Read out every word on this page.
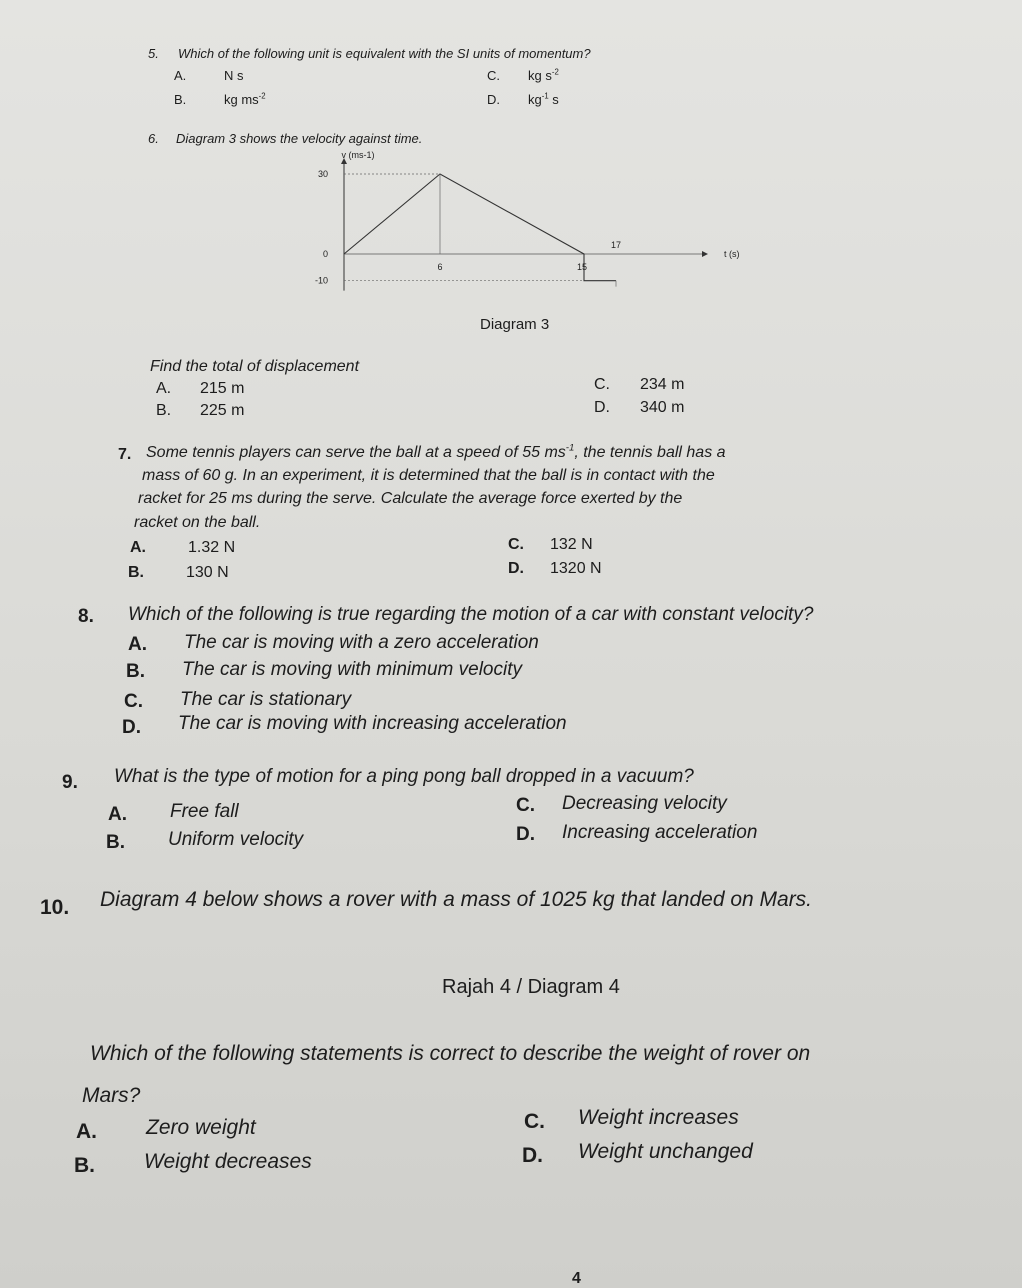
5. Which of the following unit is equivalent with the SI units of momentum?
A.	N s
B.	kg $ms^{-2}$
C. kg $s^{-2}$
D. $kg^{-1}$ s
6. Diagram 3 shows the velocity against time.
v (ms-1)
t (s)
30
0
-10
6	15
17
Diagram 3
Find the total of displacement
A. 215 m
B. 225 m
C. 234 m
D. 340 m
7. Some tennis players can serve the ball at a speed of 55 $ms^{-1}$, the tennis ball has a
mass of 60 g. In an experiment, it is determined that the ball is in contact with the
racket for 25 ms during the serve. Calculate the average force exerted by the
racket on the ball.
A.	1.32 N
B.	130 N
C. 132 N
D. 1320 N
8. Which of the following is true regarding the motion of a car with constant velocity?
A. The car is moving with a zero acceleration
B. The car is moving with minimum velocity
C. The car is stationary
D. The car is moving with increasing acceleration
9. What is the type of motion for a ping pong ball dropped in a vacuum?
A. Free fall
B. Uniform velocity
C. Decreasing velocity
D. Increasing acceleration
10. Diagram 4 below shows a rover with a mass of 1025 kg that landed on Mars.
Rajah 4 / Diagram 4
Which of the following statements is correct to describe the weight of rover on
Mars?
A. Zero weight
B. Weight decreases
C. Weight increases
D. Weight unchanged
4
